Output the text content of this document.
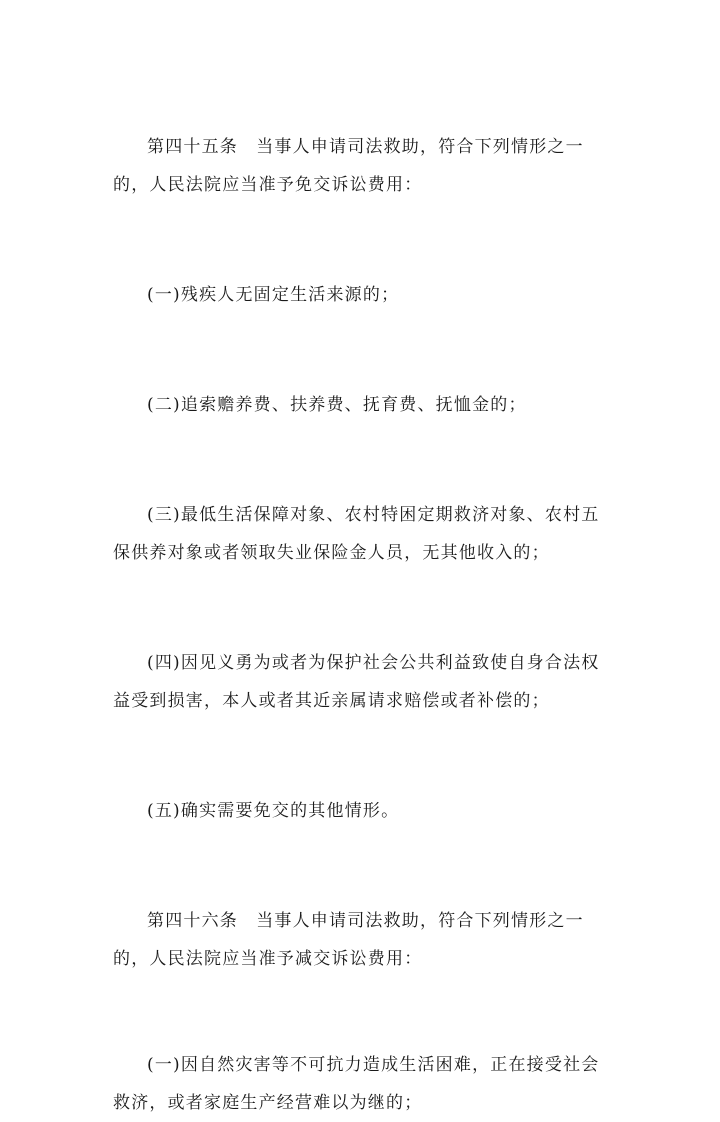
第四十五条　当事人申请司法救助，符合下列情形之一的，人民法院应当准予免交诉讼费用：

(一)残疾人无固定生活来源的；

(二)追索赡养费、扶养费、抚育费、抚恤金的；

(三)最低生活保障对象、农村特困定期救济对象、农村五保供养对象或者领取失业保险金人员，无其他收入的；

(四)因见义勇为或者为保护社会公共利益致使自身合法权益受到损害，本人或者其近亲属请求赔偿或者补偿的；

(五)确实需要免交的其他情形。

第四十六条　当事人申请司法救助，符合下列情形之一的，人民法院应当准予减交诉讼费用：

(一)因自然灾害等不可抗力造成生活困难，正在接受社会救济，或者家庭生产经营难以为继的；
